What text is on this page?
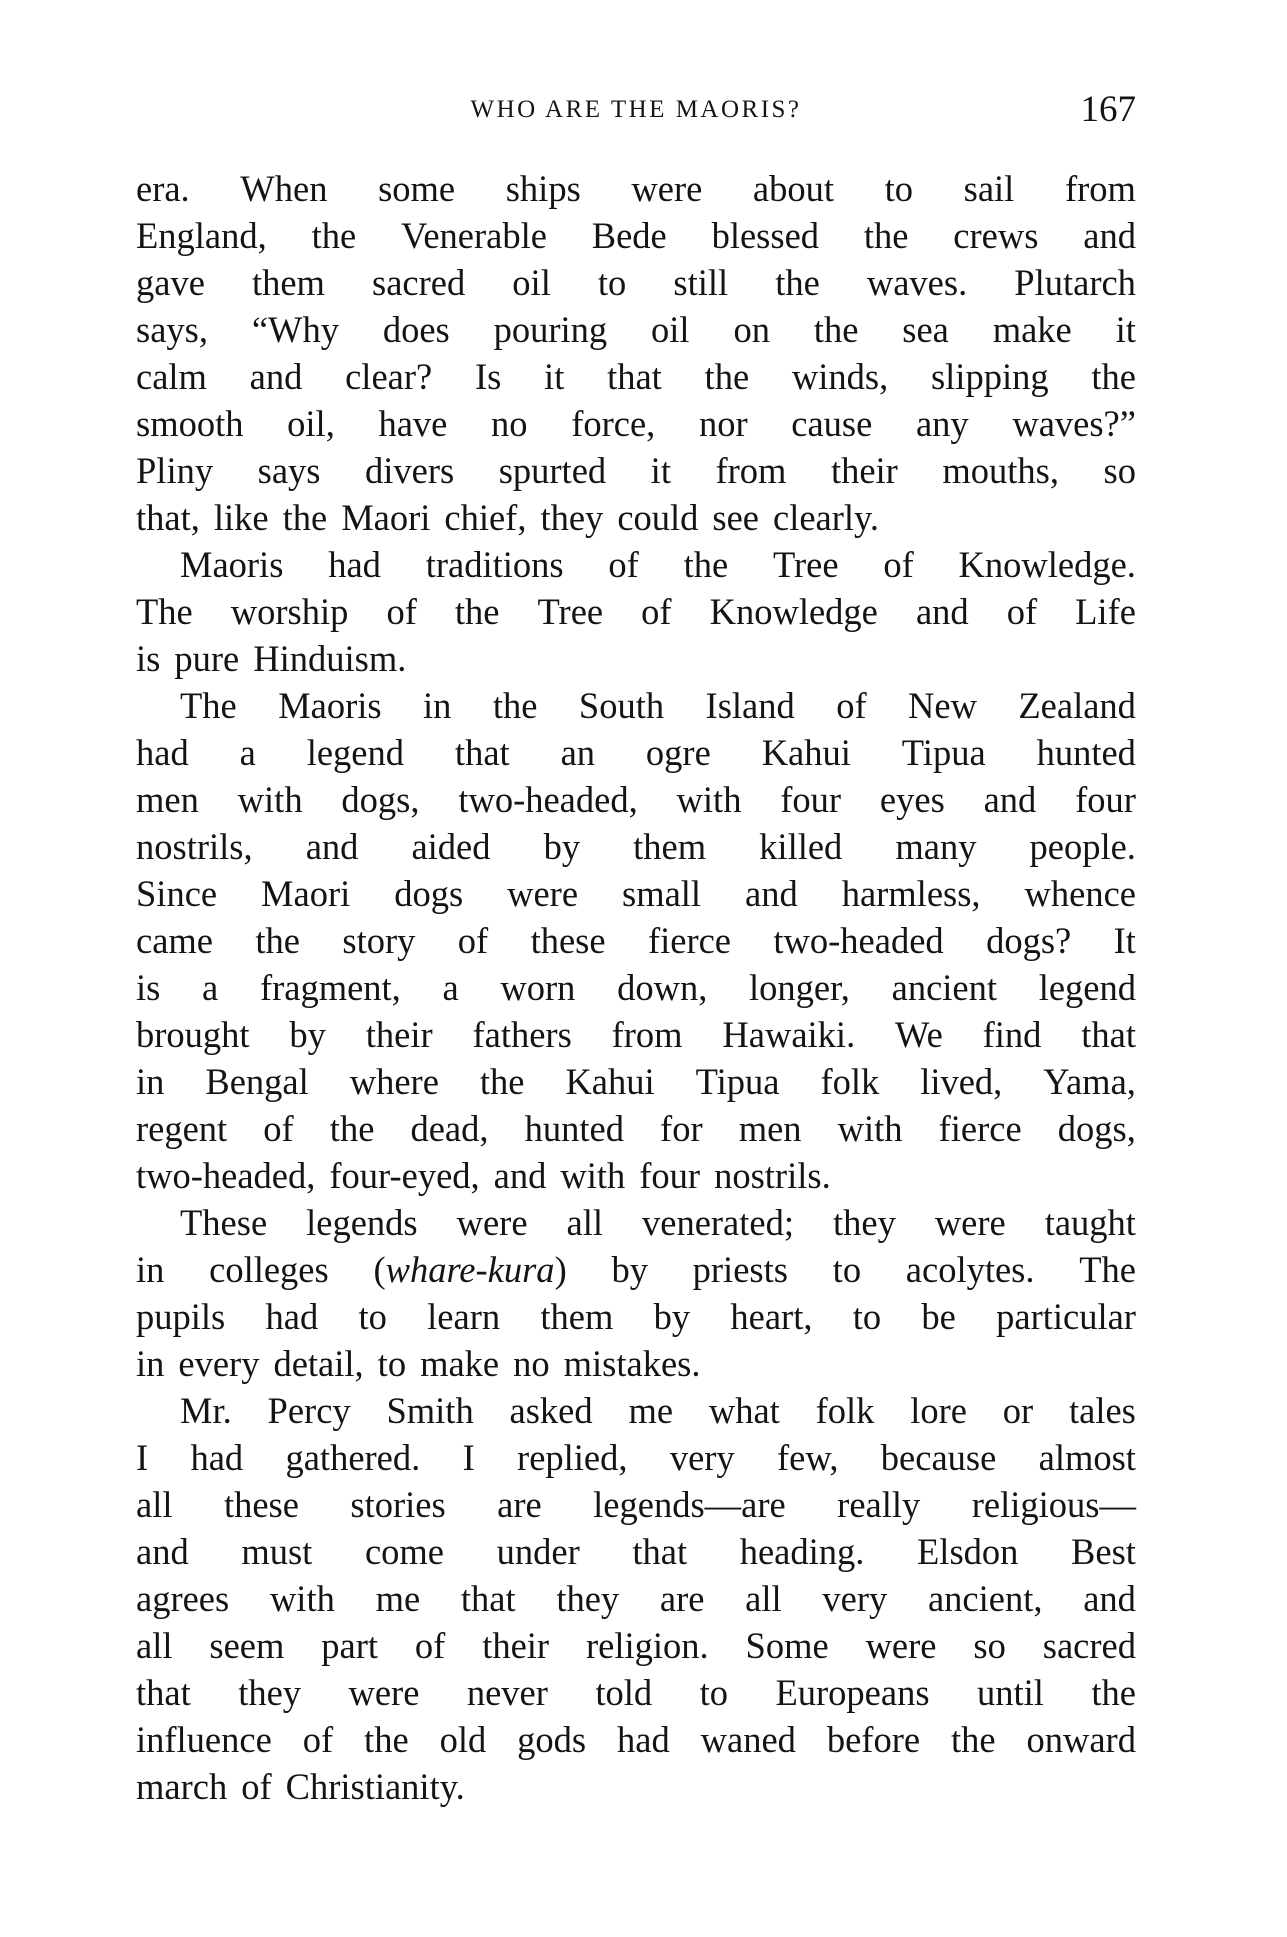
WHO ARE THE MAORIS?	167
era. When some ships were about to sail from
England, the Venerable Bede blessed the crews and
gave them sacred oil to still the waves. Plutarch
says, “Why does pouring oil on the sea make it
calm and clear? Is it that the winds, slipping the
smooth oil, have no force, nor cause any waves?”
Pliny says divers spurted it from their mouths, so
that, like the Maori chief, they could see clearly.
Maoris had traditions of the Tree of Knowledge.
The worship of the Tree of Knowledge and of Life
is pure Hinduism.
The Maoris in the South Island of New Zealand
had a legend that an ogre Kahui Tipua hunted
men with dogs, two-headed, with four eyes and four
nostrils, and aided by them killed many people.
Since Maori dogs were small and harmless, whence
came the story of these fierce two-headed dogs? It
is a fragment, a worn down, longer, ancient legend
brought by their fathers from Hawaiki. We find that
in Bengal where the Kahui Tipua folk lived, Yama,
regent of the dead, hunted for men with fierce dogs,
two-headed, four-eyed, and with four nostrils.
These legends were all venerated; they were taught
in colleges (whare-kura) by priests to acolytes. The
pupils had to learn them by heart, to be particular
in every detail, to make no mistakes.
Mr. Percy Smith asked me what folk lore or tales
I had gathered. I replied, very few, because almost
all these stories are legends—are really religious—
and must come under that heading. Elsdon Best
agrees with me that they are all very ancient, and
all seem part of their religion. Some were so sacred
that they were never told to Europeans until the
influence of the old gods had waned before the onward
march of Christianity.
